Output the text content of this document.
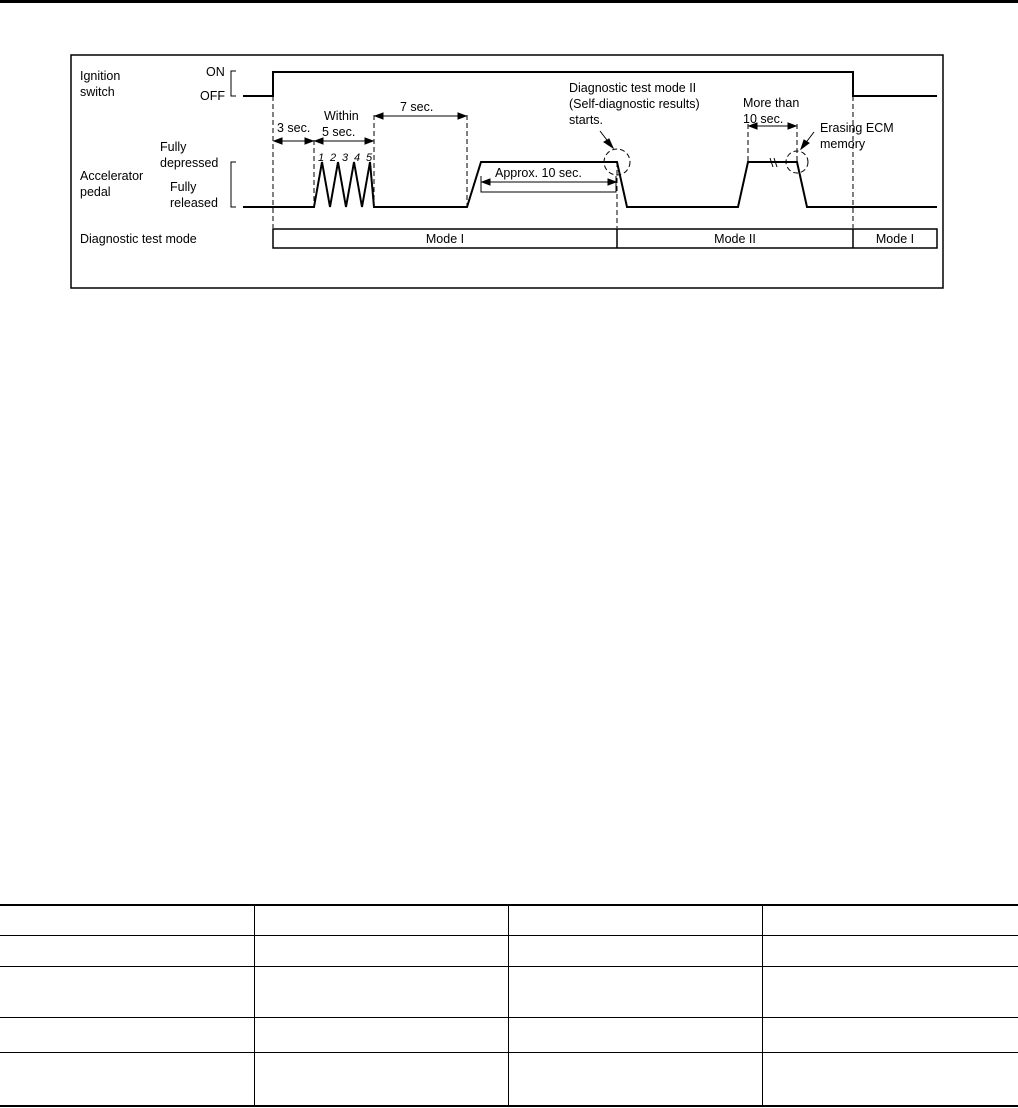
Ignition
switch
ON
OFF
Accelerator
pedal
Fully
depressed
Fully
released
Diagnostic test mode
3 sec.
Within
5 sec.
7 sec.
Approx. 10 sec.
Diagnostic test mode II
(Self-diagnostic results)
starts.
More than
10 sec.
Erasing ECM
memory
1 2 3 4 5
Mode I	Mode II	Mode I
